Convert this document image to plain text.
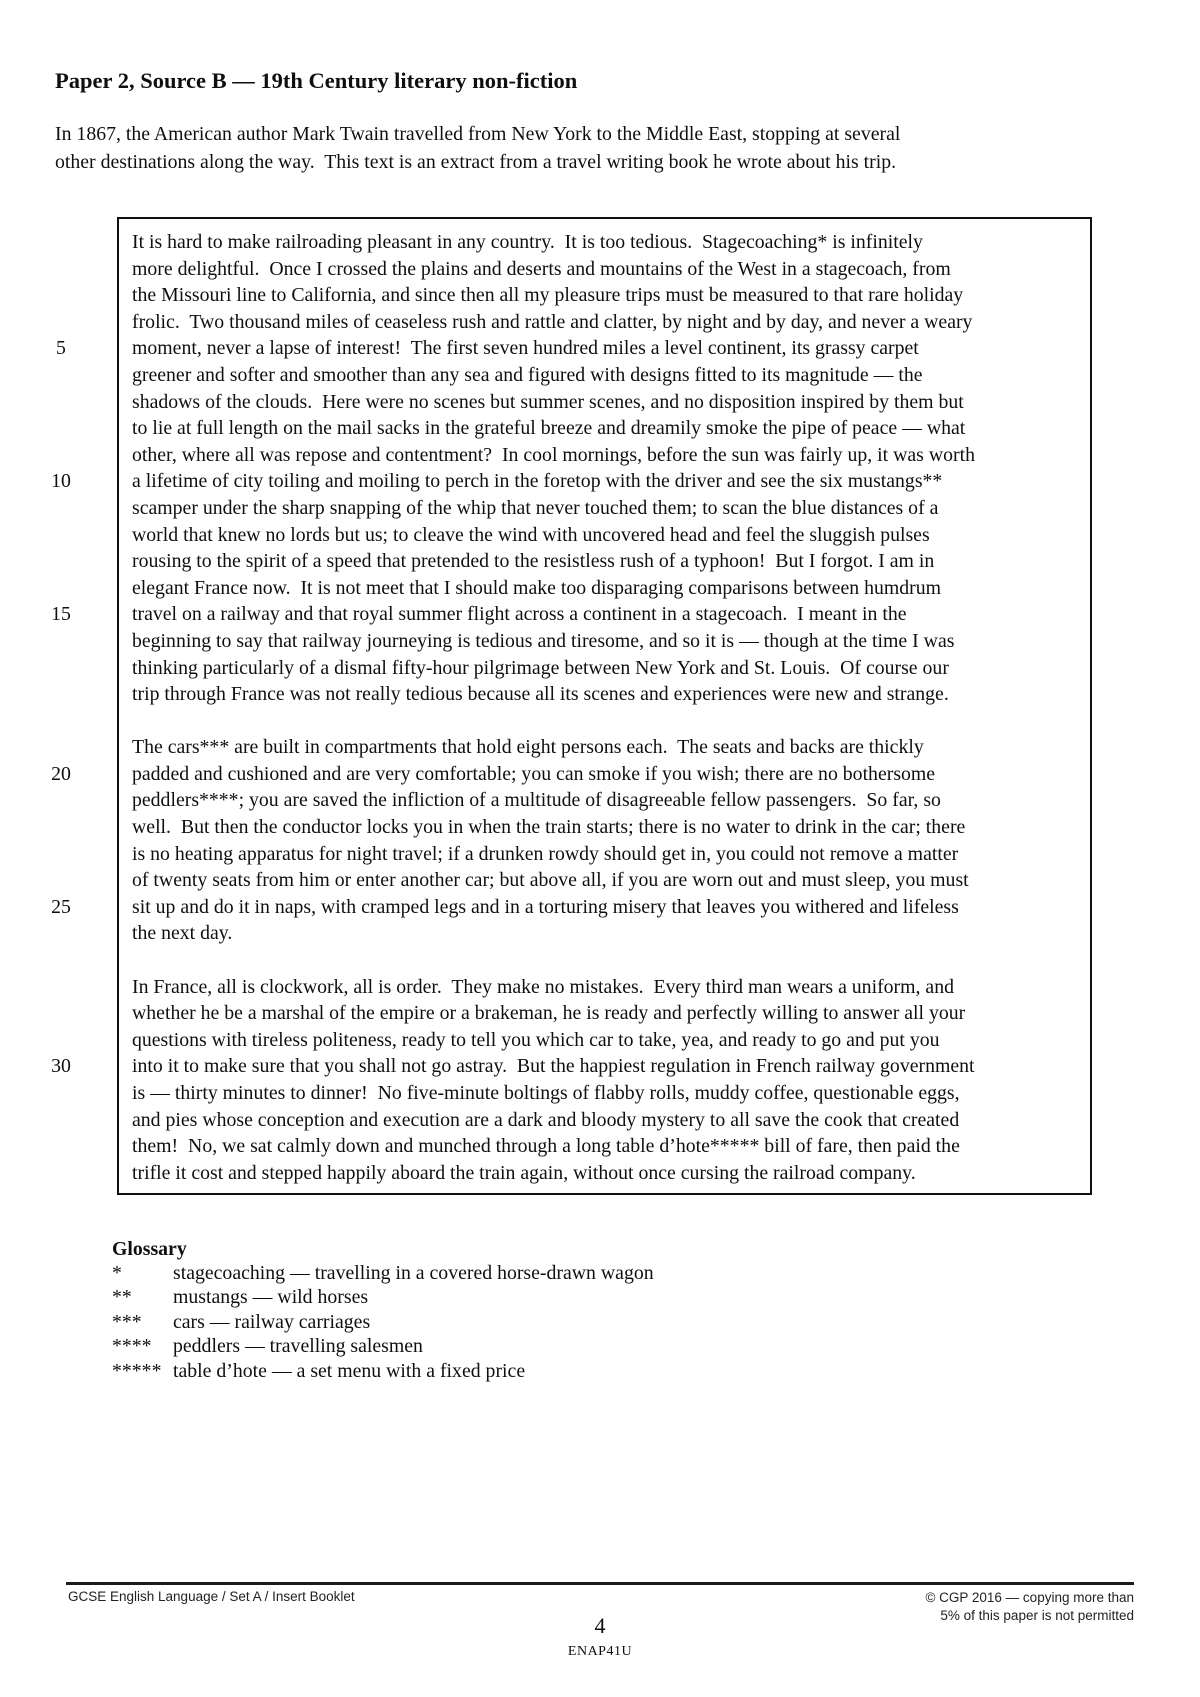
Paper 2, Source B — 19th Century literary non-fiction
In 1867, the American author Mark Twain travelled from New York to the Middle East, stopping at several
other destinations along the way.  This text is an extract from a travel writing book he wrote about his trip.
5
10
15
20
25
30
It is hard to make railroading pleasant in any country.  It is too tedious.  Stagecoaching* is infinitely
more delightful.  Once I crossed the plains and deserts and mountains of the West in a stagecoach, from
the Missouri line to California, and since then all my pleasure trips must be measured to that rare holiday
frolic.  Two thousand miles of ceaseless rush and rattle and clatter, by night and by day, and never a weary
moment, never a lapse of interest!  The first seven hundred miles a level continent, its grassy carpet
greener and softer and smoother than any sea and figured with designs fitted to its magnitude — the
shadows of the clouds.  Here were no scenes but summer scenes, and no disposition inspired by them but
to lie at full length on the mail sacks in the grateful breeze and dreamily smoke the pipe of peace — what
other, where all was repose and contentment?  In cool mornings, before the sun was fairly up, it was worth
a lifetime of city toiling and moiling to perch in the foretop with the driver and see the six mustangs**
scamper under the sharp snapping of the whip that never touched them; to scan the blue distances of a
world that knew no lords but us; to cleave the wind with uncovered head and feel the sluggish pulses
rousing to the spirit of a speed that pretended to the resistless rush of a typhoon!  But I forgot. I am in
elegant France now.  It is not meet that I should make too disparaging comparisons between humdrum
travel on a railway and that royal summer flight across a continent in a stagecoach.  I meant in the
beginning to say that railway journeying is tedious and tiresome, and so it is — though at the time I was
thinking particularly of a dismal fifty-hour pilgrimage between New York and St. Louis.  Of course our
trip through France was not really tedious because all its scenes and experiences were new and strange.
The cars*** are built in compartments that hold eight persons each.  The seats and backs are thickly
padded and cushioned and are very comfortable; you can smoke if you wish; there are no bothersome
peddlers****; you are saved the infliction of a multitude of disagreeable fellow passengers.  So far, so
well.  But then the conductor locks you in when the train starts; there is no water to drink in the car; there
is no heating apparatus for night travel; if a drunken rowdy should get in, you could not remove a matter
of twenty seats from him or enter another car; but above all, if you are worn out and must sleep, you must
sit up and do it in naps, with cramped legs and in a torturing misery that leaves you withered and lifeless
the next day.
In France, all is clockwork, all is order.  They make no mistakes.  Every third man wears a uniform, and
whether he be a marshal of the empire or a brakeman, he is ready and perfectly willing to answer all your
questions with tireless politeness, ready to tell you which car to take, yea, and ready to go and put you
into it to make sure that you shall not go astray.  But the happiest regulation in French railway government
is — thirty minutes to dinner!  No five-minute boltings of flabby rolls, muddy coffee, questionable eggs,
and pies whose conception and execution are a dark and bloody mystery to all save the cook that created
them!  No, we sat calmly down and munched through a long table d’hote***** bill of fare, then paid the
trifle it cost and stepped happily aboard the train again, without once cursing the railroad company.
Glossary
*	stagecoaching — travelling in a covered horse-drawn wagon
**	mustangs — wild horses
***	cars — railway carriages
****	peddlers — travelling salesmen
***** table d’hote — a set menu with a fixed price
GCSE English Language / Set A / Insert Booklet	© CGP 2016 — copying more than
5% of this paper is not permitted
4
ENAP41U
